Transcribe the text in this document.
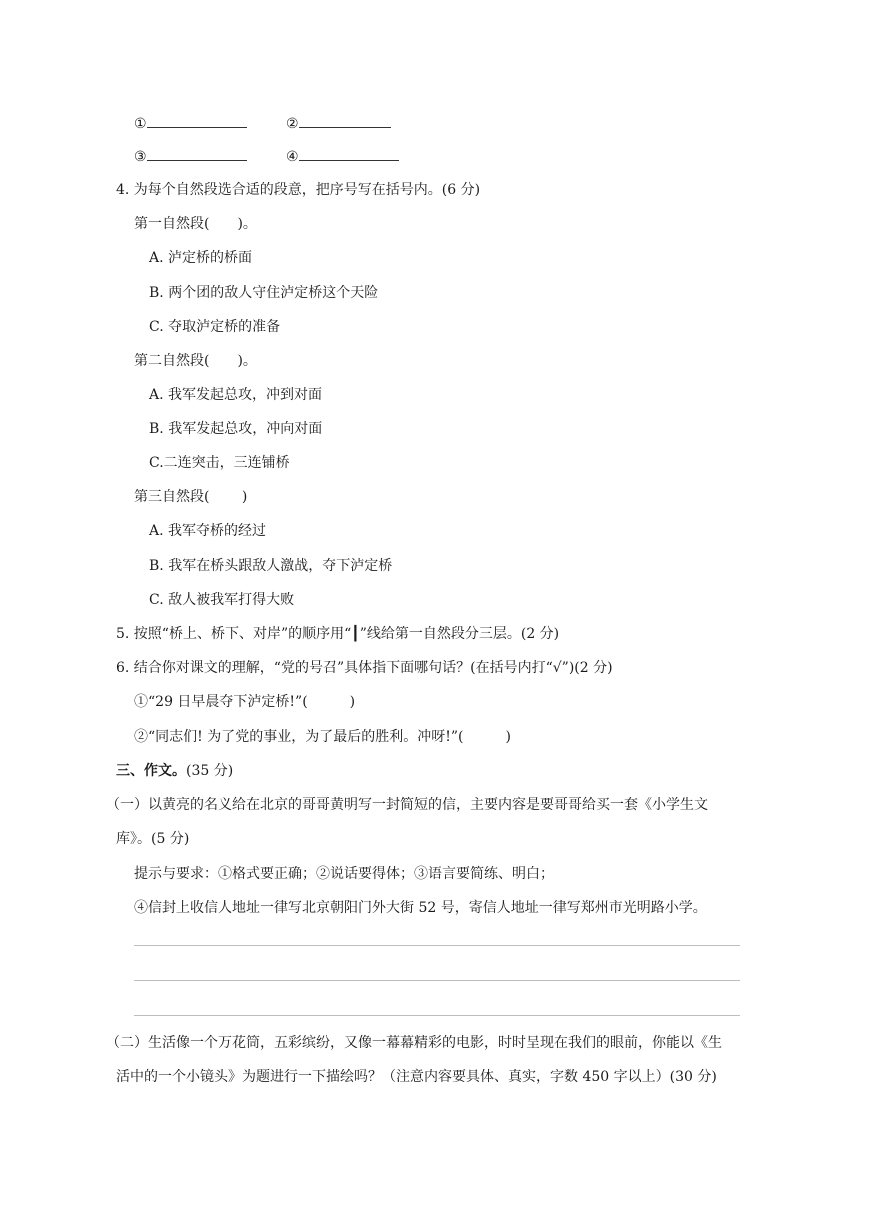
①	②
③	④
4. 为每个自然段选合适的段意，把序号写在括号内。(6 分)
第一自然段(　　)。
A. 泸定桥的桥面
B. 两个团的敌人守住泸定桥这个天险
C. 夺取泸定桥的准备
第二自然段(　　)。
A. 我军发起总攻，冲到对面
B. 我军发起总攻，冲向对面
C.二连突击，三连铺桥
第三自然段(　　 )
A. 我军夺桥的经过
B. 我军在桥头跟敌人激战，夺下泸定桥
C. 敌人被我军打得大败
5. 按照“桥上、桥下、对岸”的顺序用“┃”线给第一自然段分三层。(2 分)
6. 结合你对课文的理解，“党的号召”具体指下面哪句话？(在括号内打“√”)(2 分)
①“29 日早晨夺下泸定桥!”(　　　)
②“同志们! 为了党的事业，为了最后的胜利。冲呀!”(　　　)
三、作文。(35 分)
（一）以黄亮的名义给在北京的哥哥黄明写一封简短的信，主要内容是要哥哥给买一套《小学生文
库》。(5 分)
提示与要求：①格式要正确；②说话要得体；③语言要简练、明白；
④信封上收信人地址一律写北京朝阳门外大街 52 号，寄信人地址一律写郑州市光明路小学。
（二）生活像一个万花筒，五彩缤纷，又像一幕幕精彩的电影，时时呈现在我们的眼前，你能以《生
活中的一个小镜头》为题进行一下描绘吗？（注意内容要具体、真实，字数 450 字以上）(30 分)
